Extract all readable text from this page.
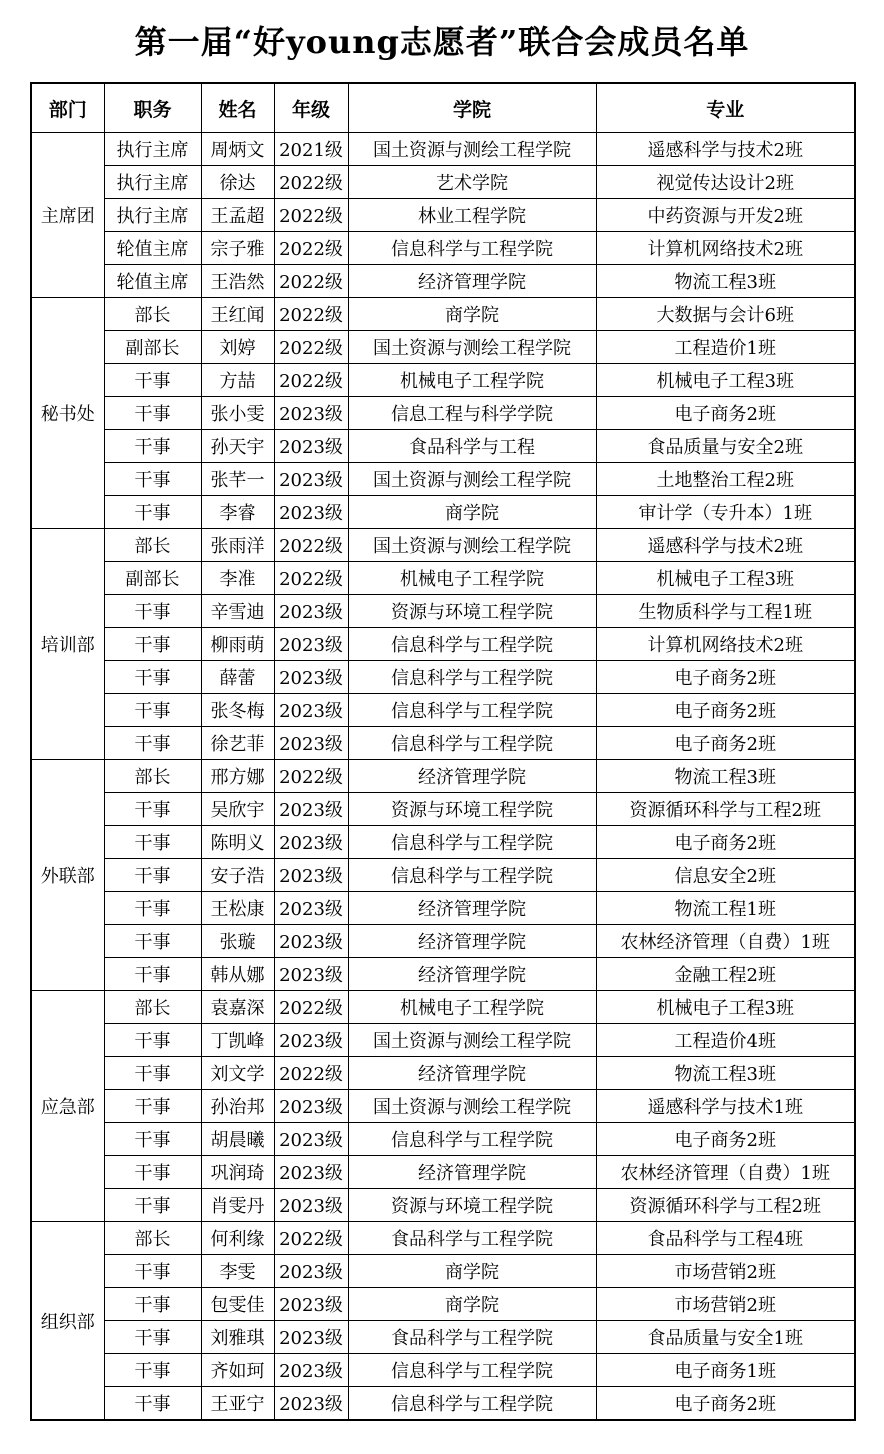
第一届“好young志愿者”联合会成员名单
部门	职务	姓名	年级	学院	专业
主席团	执行主席	周炳文	2021级	国土资源与测绘工程学院	遥感科学与技术2班
	执行主席	徐达	2022级	艺术学院	视觉传达设计2班
	执行主席	王孟超	2022级	林业工程学院	中药资源与开发2班
	轮值主席	宗子雅	2022级	信息科学与工程学院	计算机网络技术2班
	轮值主席	王浩然	2022级	经济管理学院	物流工程3班
秘书处	部长	王红闻	2022级	商学院	大数据与会计6班
	副部长	刘婷	2022级	国土资源与测绘工程学院	工程造价1班
	干事	方喆	2022级	机械电子工程学院	机械电子工程3班
	干事	张小雯	2023级	信息工程与科学学院	电子商务2班
	干事	孙天宇	2023级	食品科学与工程	食品质量与安全2班
	干事	张芊一	2023级	国土资源与测绘工程学院	土地整治工程2班
	干事	李睿	2023级	商学院	审计学（专升本）1班
培训部	部长	张雨洋	2022级	国土资源与测绘工程学院	遥感科学与技术2班
	副部长	李准	2022级	机械电子工程学院	机械电子工程3班
	干事	辛雪迪	2023级	资源与环境工程学院	生物质科学与工程1班
	干事	柳雨萌	2023级	信息科学与工程学院	计算机网络技术2班
	干事	薛蕾	2023级	信息科学与工程学院	电子商务2班
	干事	张冬梅	2023级	信息科学与工程学院	电子商务2班
	干事	徐艺菲	2023级	信息科学与工程学院	电子商务2班
外联部	部长	邢方娜	2022级	经济管理学院	物流工程3班
	干事	吴欣宇	2023级	资源与环境工程学院	资源循环科学与工程2班
	干事	陈明义	2023级	信息科学与工程学院	电子商务2班
	干事	安子浩	2023级	信息科学与工程学院	信息安全2班
	干事	王松康	2023级	经济管理学院	物流工程1班
	干事	张璇	2023级	经济管理学院	农林经济管理（自费）1班
	干事	韩从娜	2023级	经济管理学院	金融工程2班
应急部	部长	袁嘉深	2022级	机械电子工程学院	机械电子工程3班
	干事	丁凯峰	2023级	国土资源与测绘工程学院	工程造价4班
	干事	刘文学	2022级	经济管理学院	物流工程3班
	干事	孙治邦	2023级	国土资源与测绘工程学院	遥感科学与技术1班
	干事	胡晨曦	2023级	信息科学与工程学院	电子商务2班
	干事	巩润琦	2023级	经济管理学院	农林经济管理（自费）1班
	干事	肖雯丹	2023级	资源与环境工程学院	资源循环科学与工程2班
组织部	部长	何利缘	2022级	食品科学与工程学院	食品科学与工程4班
	干事	李雯	2023级	商学院	市场营销2班
	干事	包雯佳	2023级	商学院	市场营销2班
	干事	刘雅琪	2023级	食品科学与工程学院	食品质量与安全1班
	干事	齐如珂	2023级	信息科学与工程学院	电子商务1班
	干事	王亚宁	2023级	信息科学与工程学院	电子商务2班
